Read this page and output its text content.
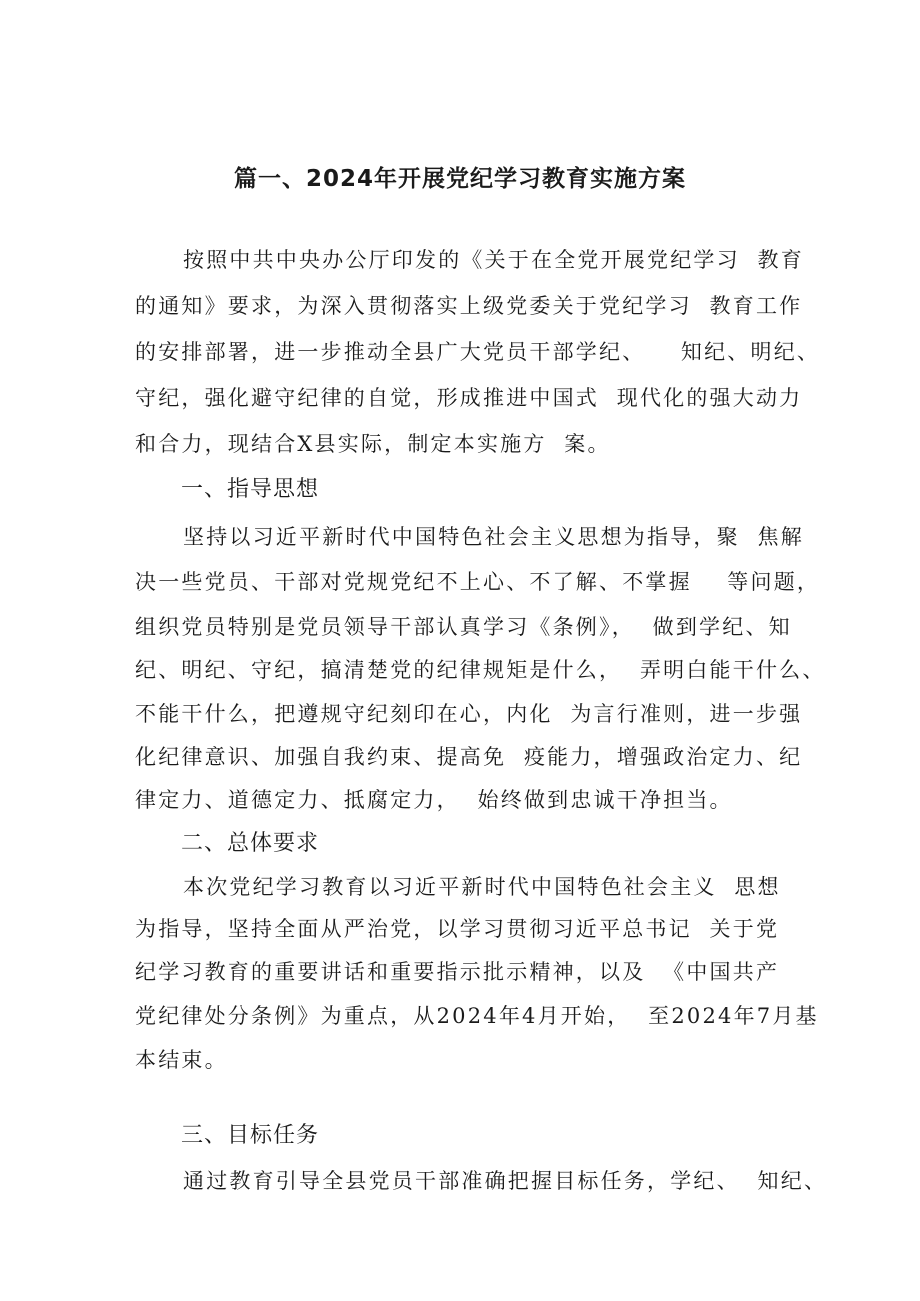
篇一、2024年开展党纪学习教育实施方案
按照中共中央办公厅印发的《关于在全党开展党纪学习  教育
的通知》要求，为深入贯彻落实上级党委关于党纪学习  教育工作
的安排部署，进一步推动全县广大党员干部学纪、    知纪、明纪、
守纪，强化避守纪律的自觉，形成推进中国式  现代化的强大动力
和合力，现结合X县实际，制定本实施方  案。
一、指导思想
坚持以习近平新时代中国特色社会主义思想为指导，聚  焦解
决一些党员、干部对党规党纪不上心、不了解、不掌握    等问题，
组织党员特别是党员领导干部认真学习《条例》，  做到学纪、知
纪、明纪、守纪，搞清楚党的纪律规矩是什么，  弄明白能干什么、
不能干什么，把遵规守纪刻印在心，内化  为言行准则，进一步强
化纪律意识、加强自我约束、提高免  疫能力，增强政治定力、纪
律定力、道德定力、抵腐定力，  始终做到忠诚干净担当。
二、总体要求
本次党纪学习教育以习近平新时代中国特色社会主义  思想
为指导，坚持全面从严治党，以学习贯彻习近平总书记  关于党
纪学习教育的重要讲话和重要指示批示精神，以及  《中国共产
党纪律处分条例》为重点，从2024年4月开始，  至2024年7月基
本结束。
三、目标任务
通过教育引导全县党员干部准确把握目标任务，学纪、  知纪、
